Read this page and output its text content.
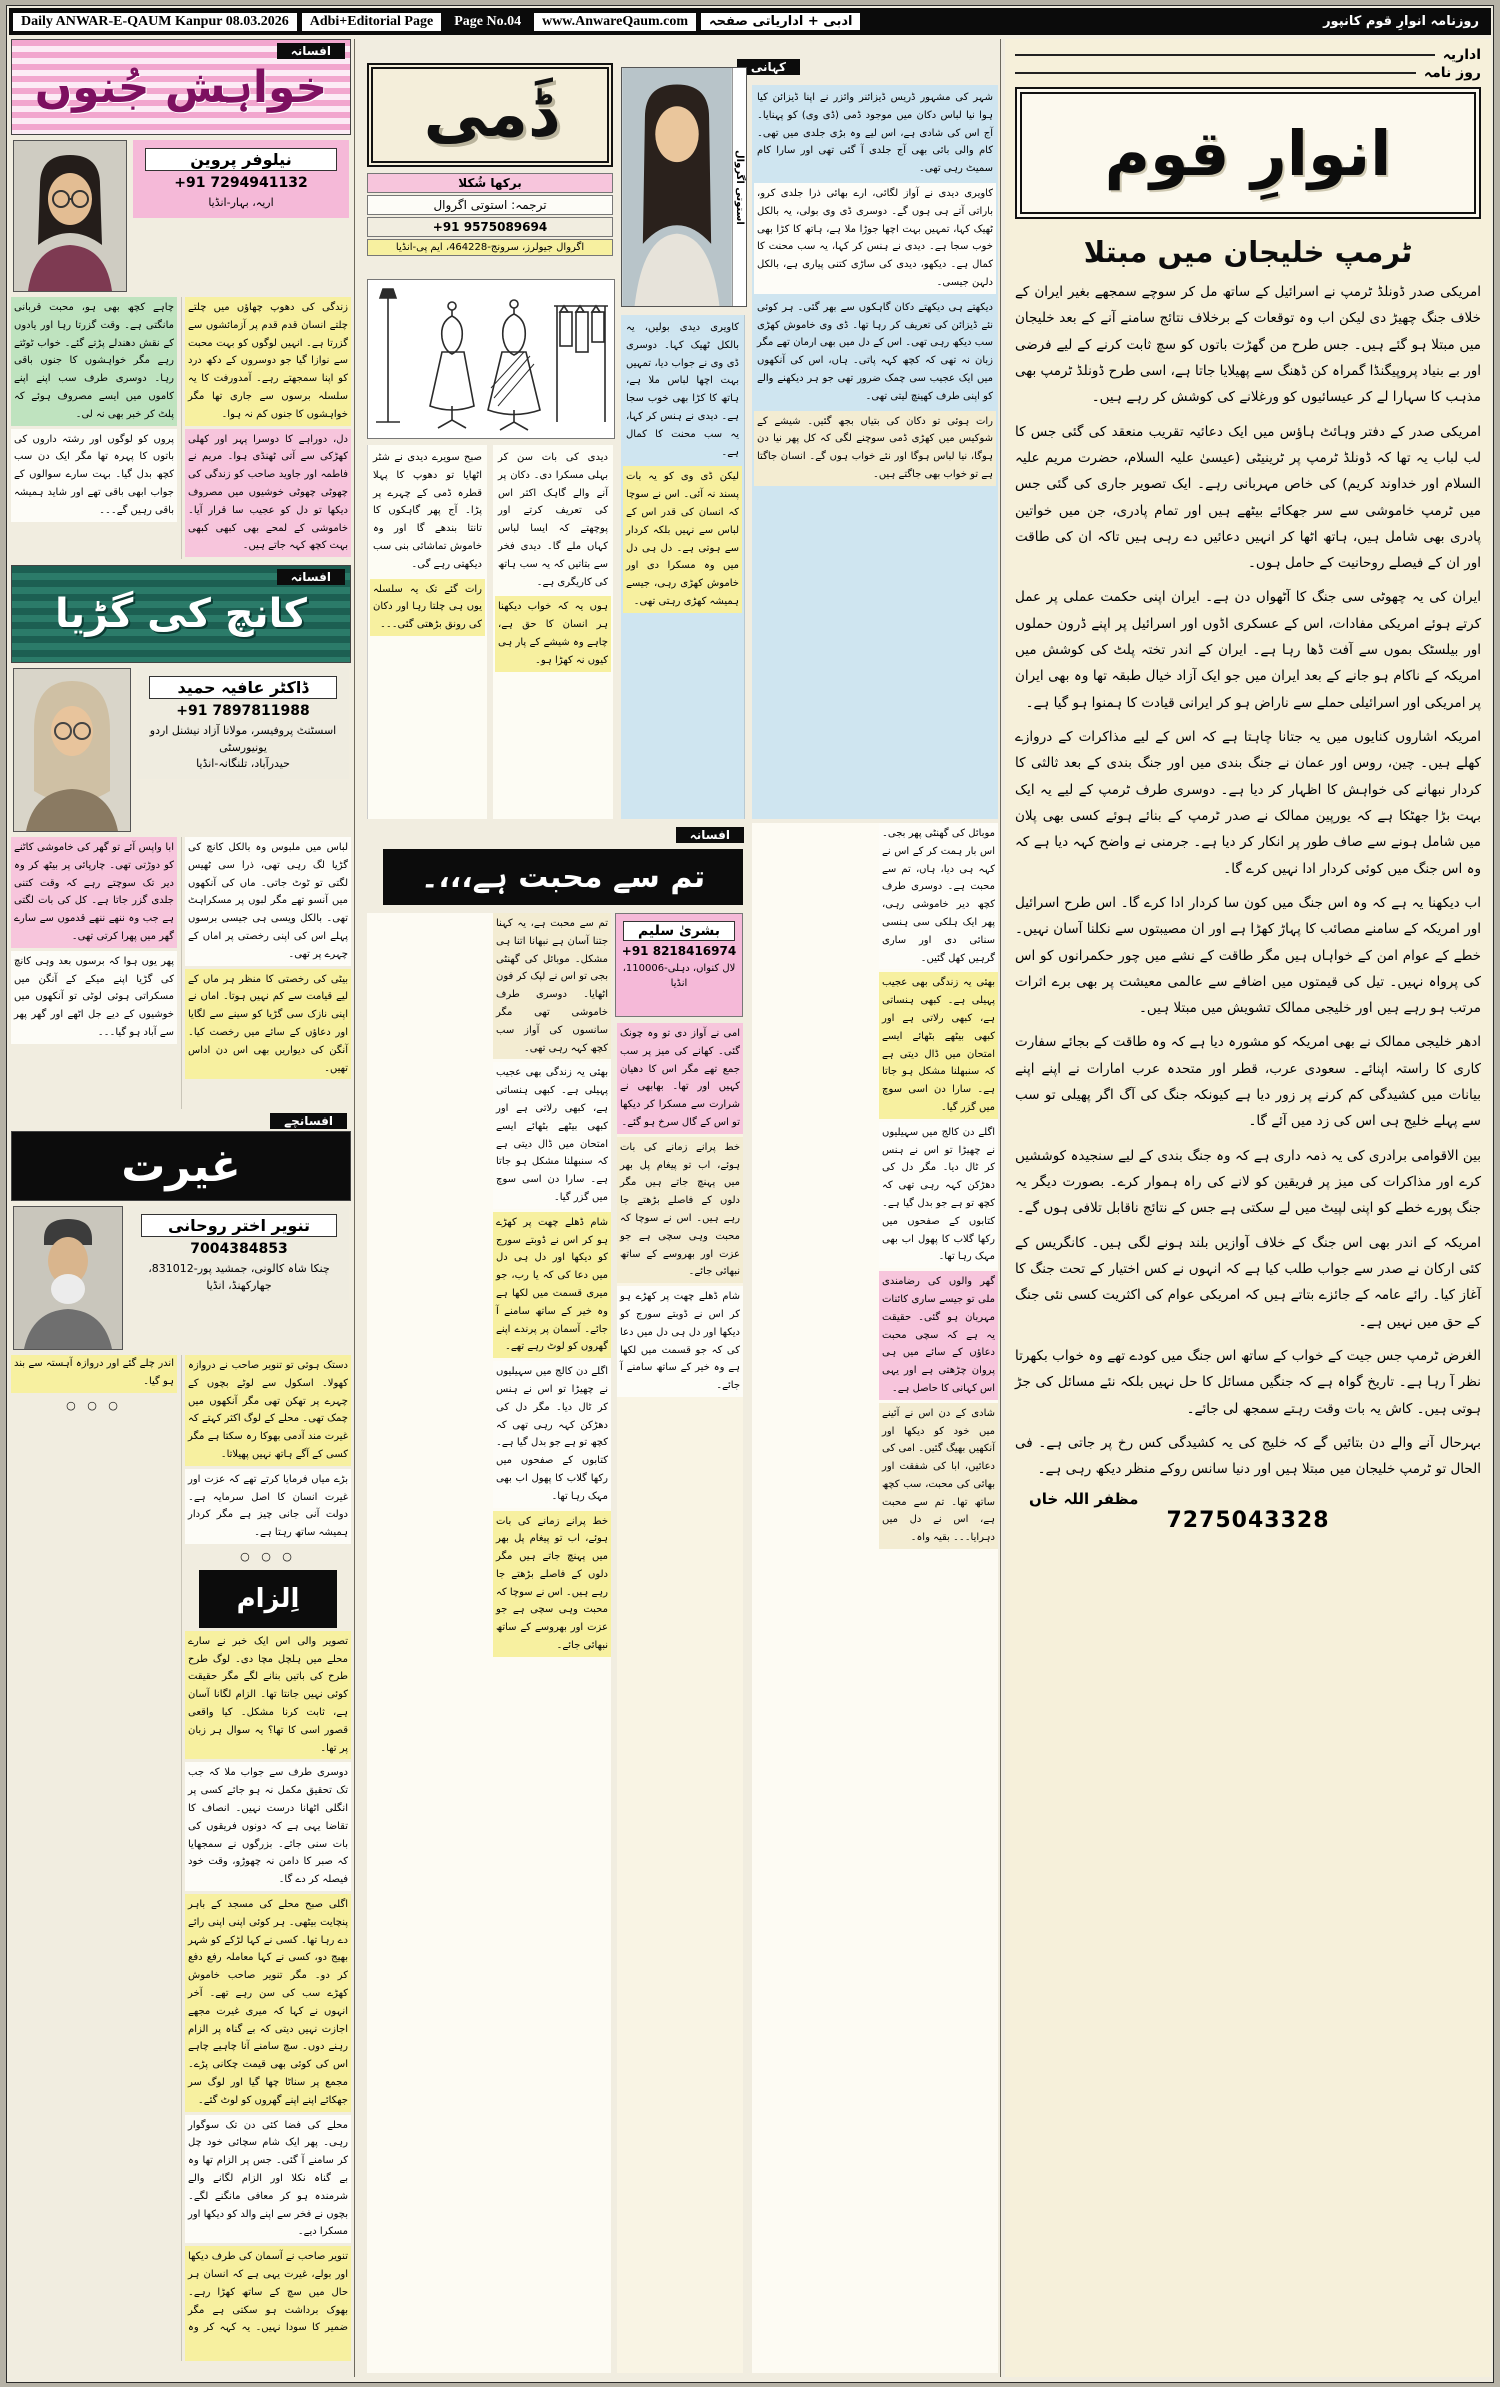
Daily ANWAR-E-QAUM Kanpur 08.03.2026	Adbi+Editorial Page	Page No.04	www.AnwareQaum.com	ادبی + اداریاتی صفحہ	روزنامہ انوارِ قوم کانپور
افسانہ
خواہش جُنوں
نیلوفر پروین
+91 7294941132
اریہ، بہار-انڈیا

زندگی کی دھوپ چھاؤں میں چلتے چلتے انسان قدم قدم پر آزمائشوں سے گزرتا ہے۔ انہیں لوگوں کو بہت محبت سے نوازا گیا جو دوسروں کے دکھ درد کو اپنا سمجھتے رہے۔ آمدورفت کا یہ سلسلہ برسوں سے جاری تھا مگر خواہشوں کا جنوں کم نہ ہوا۔

دل، دوراہے کا دوسرا پہر اور کھلی کھڑکی سے آتی ٹھنڈی ہوا۔ مریم نے فاطمہ اور جاوید صاحب کو زندگی کی چھوٹی چھوٹی خوشیوں میں مصروف دیکھا تو دل کو عجیب سا قرار آیا۔ خاموشی کے لمحے بھی کبھی کبھی بہت کچھ کہہ جاتے ہیں۔

چاہے کچھ بھی ہو، محبت قربانی مانگتی ہے۔ وقت گزرتا رہا اور یادوں کے نقش دھندلے پڑتے گئے۔ خواب ٹوٹتے رہے مگر خواہشوں کا جنوں باقی رہا۔ دوسری طرف سب اپنے اپنے کاموں میں ایسے مصروف ہوئے کہ پلٹ کر خبر بھی نہ لی۔

پروں کو لوگوں اور رشتہ داروں کی باتوں کا پہرہ تھا مگر ایک دن سب کچھ بدل گیا۔ بہت سارے سوالوں کے جواب ابھی باقی تھے اور شاید ہمیشہ باقی رہیں گے۔۔۔

افسانہ
کانچ کی گڑیا
ڈاکٹر عافیہ حمید
+91 7897811988
اسسٹنٹ پروفیسر، مولانا آزاد نیشنل اردو یونیورسٹی
حیدرآباد، تلنگانہ-انڈیا

لباس میں ملبوس وہ بالکل کانچ کی گڑیا لگ رہی تھی، ذرا سی ٹھیس لگتی تو ٹوٹ جاتی۔ ماں کی آنکھوں میں آنسو تھے مگر لبوں پر مسکراہٹ تھی۔ بالکل ویسی ہی جیسی برسوں پہلے اس کی اپنی رخصتی پر اماں کے چہرے پر تھی۔

بیٹی کی رخصتی کا منظر ہر ماں کے لیے قیامت سے کم نہیں ہوتا۔ اماں نے اپنی نازک سی گڑیا کو سینے سے لگایا اور دعاؤں کے سائے میں رخصت کیا۔ آنگن کی دیواریں بھی اس دن اداس تھیں۔

ابا واپس آئے تو گھر کی خاموشی کاٹنے کو دوڑتی تھی۔ چارپائی پر بیٹھ کر وہ دیر تک سوچتے رہے کہ وقت کتنی جلدی گزر جاتا ہے۔ کل کی بات لگتی ہے جب وہ ننھے ننھے قدموں سے سارے گھر میں پھرا کرتی تھی۔

پھر یوں ہوا کہ برسوں بعد وہی کانچ کی گڑیا اپنے میکے کے آنگن میں مسکراتی ہوئی لوٹی تو آنکھوں میں خوشیوں کے دیے جل اٹھے اور گھر پھر سے آباد ہو گیا۔۔۔

افسانچے
غیرت
تنویر اختر روحانی
7004384853
چنکا شاہ کالونی، جمشید پور-831012، جھارکھنڈ، انڈیا

دستک ہوئی تو تنویر صاحب نے دروازہ کھولا۔ اسکول سے لوٹے بچوں کے چہرے پر تھکن تھی مگر آنکھوں میں چمک تھی۔ محلے کے لوگ اکثر کہتے کہ غیرت مند آدمی بھوکا رہ سکتا ہے مگر کسی کے آگے ہاتھ نہیں پھیلاتا۔

بڑے میاں فرمایا کرتے تھے کہ عزت اور غیرت انسان کا اصل سرمایہ ہے۔ دولت آنی جانی چیز ہے مگر کردار ہمیشہ ساتھ رہتا ہے۔

○ ○ ○
اِلزام

تصویر والی اس ایک خبر نے سارے محلے میں ہلچل مچا دی۔ لوگ طرح طرح کی باتیں بنانے لگے مگر حقیقت کوئی نہیں جانتا تھا۔ الزام لگانا آسان ہے، ثابت کرنا مشکل۔ کیا واقعی قصور اسی کا تھا؟ یہ سوال ہر زبان پر تھا۔

دوسری طرف سے جواب ملا کہ جب تک تحقیق مکمل نہ ہو جائے کسی پر انگلی اٹھانا درست نہیں۔ انصاف کا تقاضا یہی ہے کہ دونوں فریقوں کی بات سنی جائے۔ بزرگوں نے سمجھایا کہ صبر کا دامن نہ چھوڑو، وقت خود فیصلہ کر دے گا۔

اگلی صبح محلے کی مسجد کے باہر پنچایت بیٹھی۔ ہر کوئی اپنی اپنی رائے دے رہا تھا۔ کسی نے کہا لڑکے کو شہر بھیج دو، کسی نے کہا معاملہ رفع دفع کر دو۔ مگر تنویر صاحب خاموش کھڑے سب کی سن رہے تھے۔ آخر انہوں نے کہا کہ میری غیرت مجھے اجازت نہیں دیتی کہ بے گناہ پر الزام رہنے دوں۔ سچ سامنے آنا چاہیے چاہے اس کی کوئی بھی قیمت چکانی پڑے۔ مجمع پر سناٹا چھا گیا اور لوگ سر جھکائے اپنے اپنے گھروں کو لوٹ گئے۔

محلے کی فضا کئی دن تک سوگوار رہی۔ پھر ایک شام سچائی خود چل کر سامنے آ گئی۔ جس پر الزام تھا وہ بے گناہ نکلا اور الزام لگانے والے شرمندہ ہو کر معافی مانگنے لگے۔ بچوں نے فخر سے اپنے والد کو دیکھا اور مسکرا دیے۔

تنویر صاحب نے آسمان کی طرف دیکھا اور بولے، غیرت یہی ہے کہ انسان ہر حال میں سچ کے ساتھ کھڑا رہے۔ بھوک برداشت ہو سکتی ہے مگر ضمیر کا سودا نہیں۔ یہ کہہ کر وہ اندر چلے گئے اور دروازہ آہستہ سے بند ہو گیا۔

○ ○ ○
کہانی
ڈَمی
برکھا شُکلا
ترجمہ: استوتی اگروال
+91 9575089694
اگروال جیولرز، سرونج-464228، ایم پی-انڈیا
استوتی اگروال

شہر کی مشہور ڈریس ڈیزائنر وائزر نے اپنا ڈیزائن کیا ہوا نیا لباس دکان میں موجود ڈمی (ڈی وی) کو پہنایا۔ آج اس کی شادی ہے، اس لیے وہ بڑی جلدی میں تھی۔ کام والی بائی بھی آج جلدی آ گئی تھی اور سارا کام سمیٹ رہی تھی۔

کاویری دیدی نے آواز لگائی، ارے بھائی ذرا جلدی کرو، باراتی آتے ہی ہوں گے۔ دوسری ڈی وی بولی، یہ بالکل ٹھیک کہا، تمہیں بہت اچھا جوڑا ملا ہے، ہاتھ کا کڑا بھی خوب سجا ہے۔ دیدی نے ہنس کر کہا، یہ سب محنت کا کمال ہے۔ دیکھو، دیدی کی ساڑی کتنی پیاری ہے، بالکل دلہن جیسی۔

دیکھتے ہی دیکھتے دکان گاہکوں سے بھر گئی۔ ہر کوئی نئے ڈیزائن کی تعریف کر رہا تھا۔ ڈی وی خاموش کھڑی سب دیکھ رہی تھی۔ اس کے دل میں بھی ارمان تھے مگر زبان نہ تھی کہ کچھ کہہ پاتی۔ ہاں، اس کی آنکھوں میں ایک عجیب سی چمک ضرور تھی جو ہر دیکھنے والے کو اپنی طرف کھینچ لیتی تھی۔

رات ہوئی تو دکان کی بتیاں بجھ گئیں۔ شیشے کے شوکیس میں کھڑی ڈمی سوچنے لگی کہ کل پھر نیا دن ہوگا، نیا لباس ہوگا اور نئے خواب ہوں گے۔ انسان جاگتا ہے تو خواب بھی جاگتے ہیں۔

کاویری دیدی بولیں، یہ بالکل ٹھیک کہا۔ دوسری ڈی وی نے جواب دیا، تمہیں بہت اچھا لباس ملا ہے، ہاتھ کا کڑا بھی خوب سجا ہے۔ دیدی نے ہنس کر کہا، یہ سب محنت کا کمال ہے۔

لیکن ڈی وی کو یہ بات پسند نہ آئی۔ اس نے سوچا کہ انسان کی قدر اس کے لباس سے نہیں بلکہ کردار سے ہوتی ہے۔ دل ہی دل میں وہ مسکرا دی اور خاموش کھڑی رہی، جیسے ہمیشہ کھڑی رہتی تھی۔

دیدی کی بات سن کر بہلی مسکرا دی۔ دکان پر آنے والے گاہک اکثر اس کی تعریف کرتے اور پوچھتے کہ ایسا لباس کہاں ملے گا۔ دیدی فخر سے بتاتیں کہ یہ سب ہاتھ کی کاریگری ہے۔

ہوں یہ کہ خواب دیکھنا ہر انسان کا حق ہے، چاہے وہ شیشے کے پار ہی کیوں نہ کھڑا ہو۔

صبح سویرے دیدی نے شٹر اٹھایا تو دھوپ کا پہلا قطرہ ڈمی کے چہرے پر پڑا۔ آج پھر گاہکوں کا تانتا بندھے گا اور وہ خاموش تماشائی بنی سب دیکھتی رہے گی۔

رات گئے تک یہ سلسلہ یوں ہی چلتا رہا اور دکان کی رونق بڑھتی گئی۔۔۔

افسانہ
تم سے محبت ہے،،،۔
بشریٰ سلیم
+91 8218416974
لال کنواں، دہلی-110006، انڈیا

تم سے محبت ہے، یہ کہنا جتنا آسان ہے نبھانا اتنا ہی مشکل۔ موبائل کی گھنٹی بجی تو اس نے لپک کر فون اٹھایا۔ دوسری طرف خاموشی تھی مگر سانسوں کی آواز سب کچھ کہہ رہی تھی۔

بھئی یہ زندگی بھی عجیب پہیلی ہے۔ کبھی ہنساتی ہے، کبھی رلاتی ہے اور کبھی بیٹھے بٹھائے ایسے امتحان میں ڈال دیتی ہے کہ سنبھلنا مشکل ہو جاتا ہے۔ سارا دن اسی سوچ میں گزر گیا۔

شام ڈھلے چھت پر کھڑے ہو کر اس نے ڈوبتے سورج کو دیکھا اور دل ہی دل میں دعا کی کہ یا رب، جو میری قسمت میں لکھا ہے وہ خیر کے ساتھ سامنے آ جائے۔ آسمان پر پرندے اپنے گھروں کو لوٹ رہے تھے۔

اگلے دن کالج میں سہیلیوں نے چھیڑا تو اس نے ہنس کر ٹال دیا۔ مگر دل کی دھڑکن کہہ رہی تھی کہ کچھ تو ہے جو بدل گیا ہے۔ کتابوں کے صفحوں میں رکھا گلاب کا پھول اب بھی مہک رہا تھا۔

خط پرانے زمانے کی بات ہوئے، اب تو پیغام پل بھر میں پہنچ جاتے ہیں مگر دلوں کے فاصلے بڑھتے جا رہے ہیں۔ اس نے سوچا کہ محبت وہی سچی ہے جو عزت اور بھروسے کے ساتھ نبھائی جائے۔

امی نے آواز دی تو وہ چونک گئی۔ کھانے کی میز پر سب جمع تھے مگر اس کا دھیان کہیں اور تھا۔ بھابھی نے شرارت سے مسکرا کر دیکھا تو اس کے گال سرخ ہو گئے۔

خط پرانے زمانے کی بات ہوئے، اب تو پیغام پل بھر میں پہنچ جاتے ہیں مگر دلوں کے فاصلے بڑھتے جا رہے ہیں۔ اس نے سوچا کہ محبت وہی سچی ہے جو عزت اور بھروسے کے ساتھ نبھائی جائے۔

شام ڈھلے چھت پر کھڑے ہو کر اس نے ڈوبتے سورج کو دیکھا اور دل ہی دل میں دعا کی کہ جو قسمت میں لکھا ہے وہ خیر کے ساتھ سامنے آ جائے۔

موبائل کی گھنٹی پھر بجی۔ اس بار ہمت کر کے اس نے کہہ ہی دیا، ہاں، تم سے محبت ہے۔ دوسری طرف کچھ دیر خاموشی رہی، پھر ایک ہلکی سی ہنسی سنائی دی اور ساری گرہیں کھل گئیں۔

بھئی یہ زندگی بھی عجیب پہیلی ہے۔ کبھی ہنساتی ہے، کبھی رلاتی ہے اور کبھی بیٹھے بٹھائے ایسے امتحان میں ڈال دیتی ہے کہ سنبھلنا مشکل ہو جاتا ہے۔ سارا دن اسی سوچ میں گزر گیا۔

اگلے دن کالج میں سہیلیوں نے چھیڑا تو اس نے ہنس کر ٹال دیا۔ مگر دل کی دھڑکن کہہ رہی تھی کہ کچھ تو ہے جو بدل گیا ہے۔ کتابوں کے صفحوں میں رکھا گلاب کا پھول اب بھی مہک رہا تھا۔

گھر والوں کی رضامندی ملی تو جیسے ساری کائنات مہربان ہو گئی۔ حقیقت یہ ہے کہ سچی محبت دعاؤں کے سائے میں ہی پروان چڑھتی ہے اور یہی اس کہانی کا حاصل ہے۔

شادی کے دن اس نے آئینے میں خود کو دیکھا اور آنکھیں بھیگ گئیں۔ امی کی دعائیں، ابا کی شفقت اور بھائی کی محبت، سب کچھ ساتھ تھا۔ تم سے محبت ہے، اس نے دل میں دہرایا۔۔۔ بقیہ واہ۔

اداریہ
روز نامہ
انوارِ قوم
ٹرمپ خلیجان میں مبتلا

امریکی صدر ڈونلڈ ٹرمپ نے اسرائیل کے ساتھ مل کر سوچے سمجھے بغیر ایران کے خلاف جنگ چھیڑ دی لیکن اب وہ توقعات کے برخلاف نتائج سامنے آنے کے بعد خلیجان میں مبتلا ہو گئے ہیں۔ جس طرح من گھڑت باتوں کو سچ ثابت کرنے کے لیے فرضی اور بے بنیاد پروپیگنڈا گمراہ کن ڈھنگ سے پھیلایا جاتا ہے، اسی طرح ڈونلڈ ٹرمپ بھی مذہب کا سہارا لے کر عیسائیوں کو ورغلانے کی کوشش کر رہے ہیں۔

امریکی صدر کے دفتر وہائٹ ہاؤس میں ایک دعائیہ تقریب منعقد کی گئی جس کا لب لباب یہ تھا کہ ڈونلڈ ٹرمپ پر ٹرینیٹی (عیسیٰ علیہ السلام، حضرت مریم علیہ السلام اور خداوند کریم) کی خاص مہربانی رہے۔ ایک تصویر جاری کی گئی جس میں ٹرمپ خاموشی سے سر جھکائے بیٹھے ہیں اور تمام پادری، جن میں خواتین پادری بھی شامل ہیں، ہاتھ اٹھا کر انہیں دعائیں دے رہی ہیں تاکہ ان کی طاقت اور ان کے فیصلے روحانیت کے حامل ہوں۔

ایران کی یہ چھوٹی سی جنگ کا آٹھواں دن ہے۔ ایران اپنی حکمت عملی پر عمل کرتے ہوئے امریکی مفادات، اس کے عسکری اڈوں اور اسرائیل پر اپنے ڈرون حملوں اور بیلسٹک بموں سے آفت ڈھا رہا ہے۔ ایران کے اندر تختہ پلٹ کی کوشش میں امریکہ کے ناکام ہو جانے کے بعد ایران میں جو ایک آزاد خیال طبقہ تھا وہ بھی ایران پر امریکی اور اسرائیلی حملے سے ناراض ہو کر ایرانی قیادت کا ہمنوا ہو گیا ہے۔

امریکہ اشاروں کنایوں میں یہ جتانا چاہتا ہے کہ اس کے لیے مذاکرات کے دروازے کھلے ہیں۔ چین، روس اور عمان نے جنگ بندی میں اور جنگ بندی کے بعد ثالثی کا کردار نبھانے کی خواہش کا اظہار کر دیا ہے۔ دوسری طرف ٹرمپ کے لیے یہ ایک بہت بڑا جھٹکا ہے کہ یورپین ممالک نے صدر ٹرمپ کے بنائے ہوئے کسی بھی پلان میں شامل ہونے سے صاف طور پر انکار کر دیا ہے۔ جرمنی نے واضح کہہ دیا ہے کہ وہ اس جنگ میں کوئی کردار ادا نہیں کرے گا۔

اب دیکھنا یہ ہے کہ وہ اس جنگ میں کون سا کردار ادا کرے گا۔ اس طرح اسرائیل اور امریکہ کے سامنے مصائب کا پہاڑ کھڑا ہے اور ان مصیبتوں سے نکلنا آسان نہیں۔ خطے کے عوام امن کے خواہاں ہیں مگر طاقت کے نشے میں چور حکمرانوں کو اس کی پرواہ نہیں۔ تیل کی قیمتوں میں اضافے سے عالمی معیشت پر بھی برے اثرات مرتب ہو رہے ہیں اور خلیجی ممالک تشویش میں مبتلا ہیں۔

ادھر خلیجی ممالک نے بھی امریکہ کو مشورہ دیا ہے کہ وہ طاقت کے بجائے سفارت کاری کا راستہ اپنائے۔ سعودی عرب، قطر اور متحدہ عرب امارات نے اپنے اپنے بیانات میں کشیدگی کم کرنے پر زور دیا ہے کیونکہ جنگ کی آگ اگر پھیلی تو سب سے پہلے خلیج ہی اس کی زد میں آئے گا۔

بین الاقوامی برادری کی یہ ذمہ داری ہے کہ وہ جنگ بندی کے لیے سنجیدہ کوششیں کرے اور مذاکرات کی میز پر فریقین کو لانے کی راہ ہموار کرے۔ بصورت دیگر یہ جنگ پورے خطے کو اپنی لپیٹ میں لے سکتی ہے جس کے نتائج ناقابل تلافی ہوں گے۔

امریکہ کے اندر بھی اس جنگ کے خلاف آوازیں بلند ہونے لگی ہیں۔ کانگریس کے کئی ارکان نے صدر سے جواب طلب کیا ہے کہ انہوں نے کس اختیار کے تحت جنگ کا آغاز کیا۔ رائے عامہ کے جائزے بتاتے ہیں کہ امریکی عوام کی اکثریت کسی نئی جنگ کے حق میں نہیں ہے۔

الغرض ٹرمپ جس جیت کے خواب کے ساتھ اس جنگ میں کودے تھے وہ خواب بکھرتا نظر آ رہا ہے۔ تاریخ گواہ ہے کہ جنگیں مسائل کا حل نہیں بلکہ نئے مسائل کی جڑ ہوتی ہیں۔ کاش یہ بات وقت رہتے سمجھ لی جائے۔

بہرحال آنے والے دن بتائیں گے کہ خلیج کی یہ کشیدگی کس رخ پر جاتی ہے۔ فی الحال تو ٹرمپ خلیجان میں مبتلا ہیں اور دنیا سانس روکے منظر دیکھ رہی ہے۔

مظفر اللہ خاں
7275043328
